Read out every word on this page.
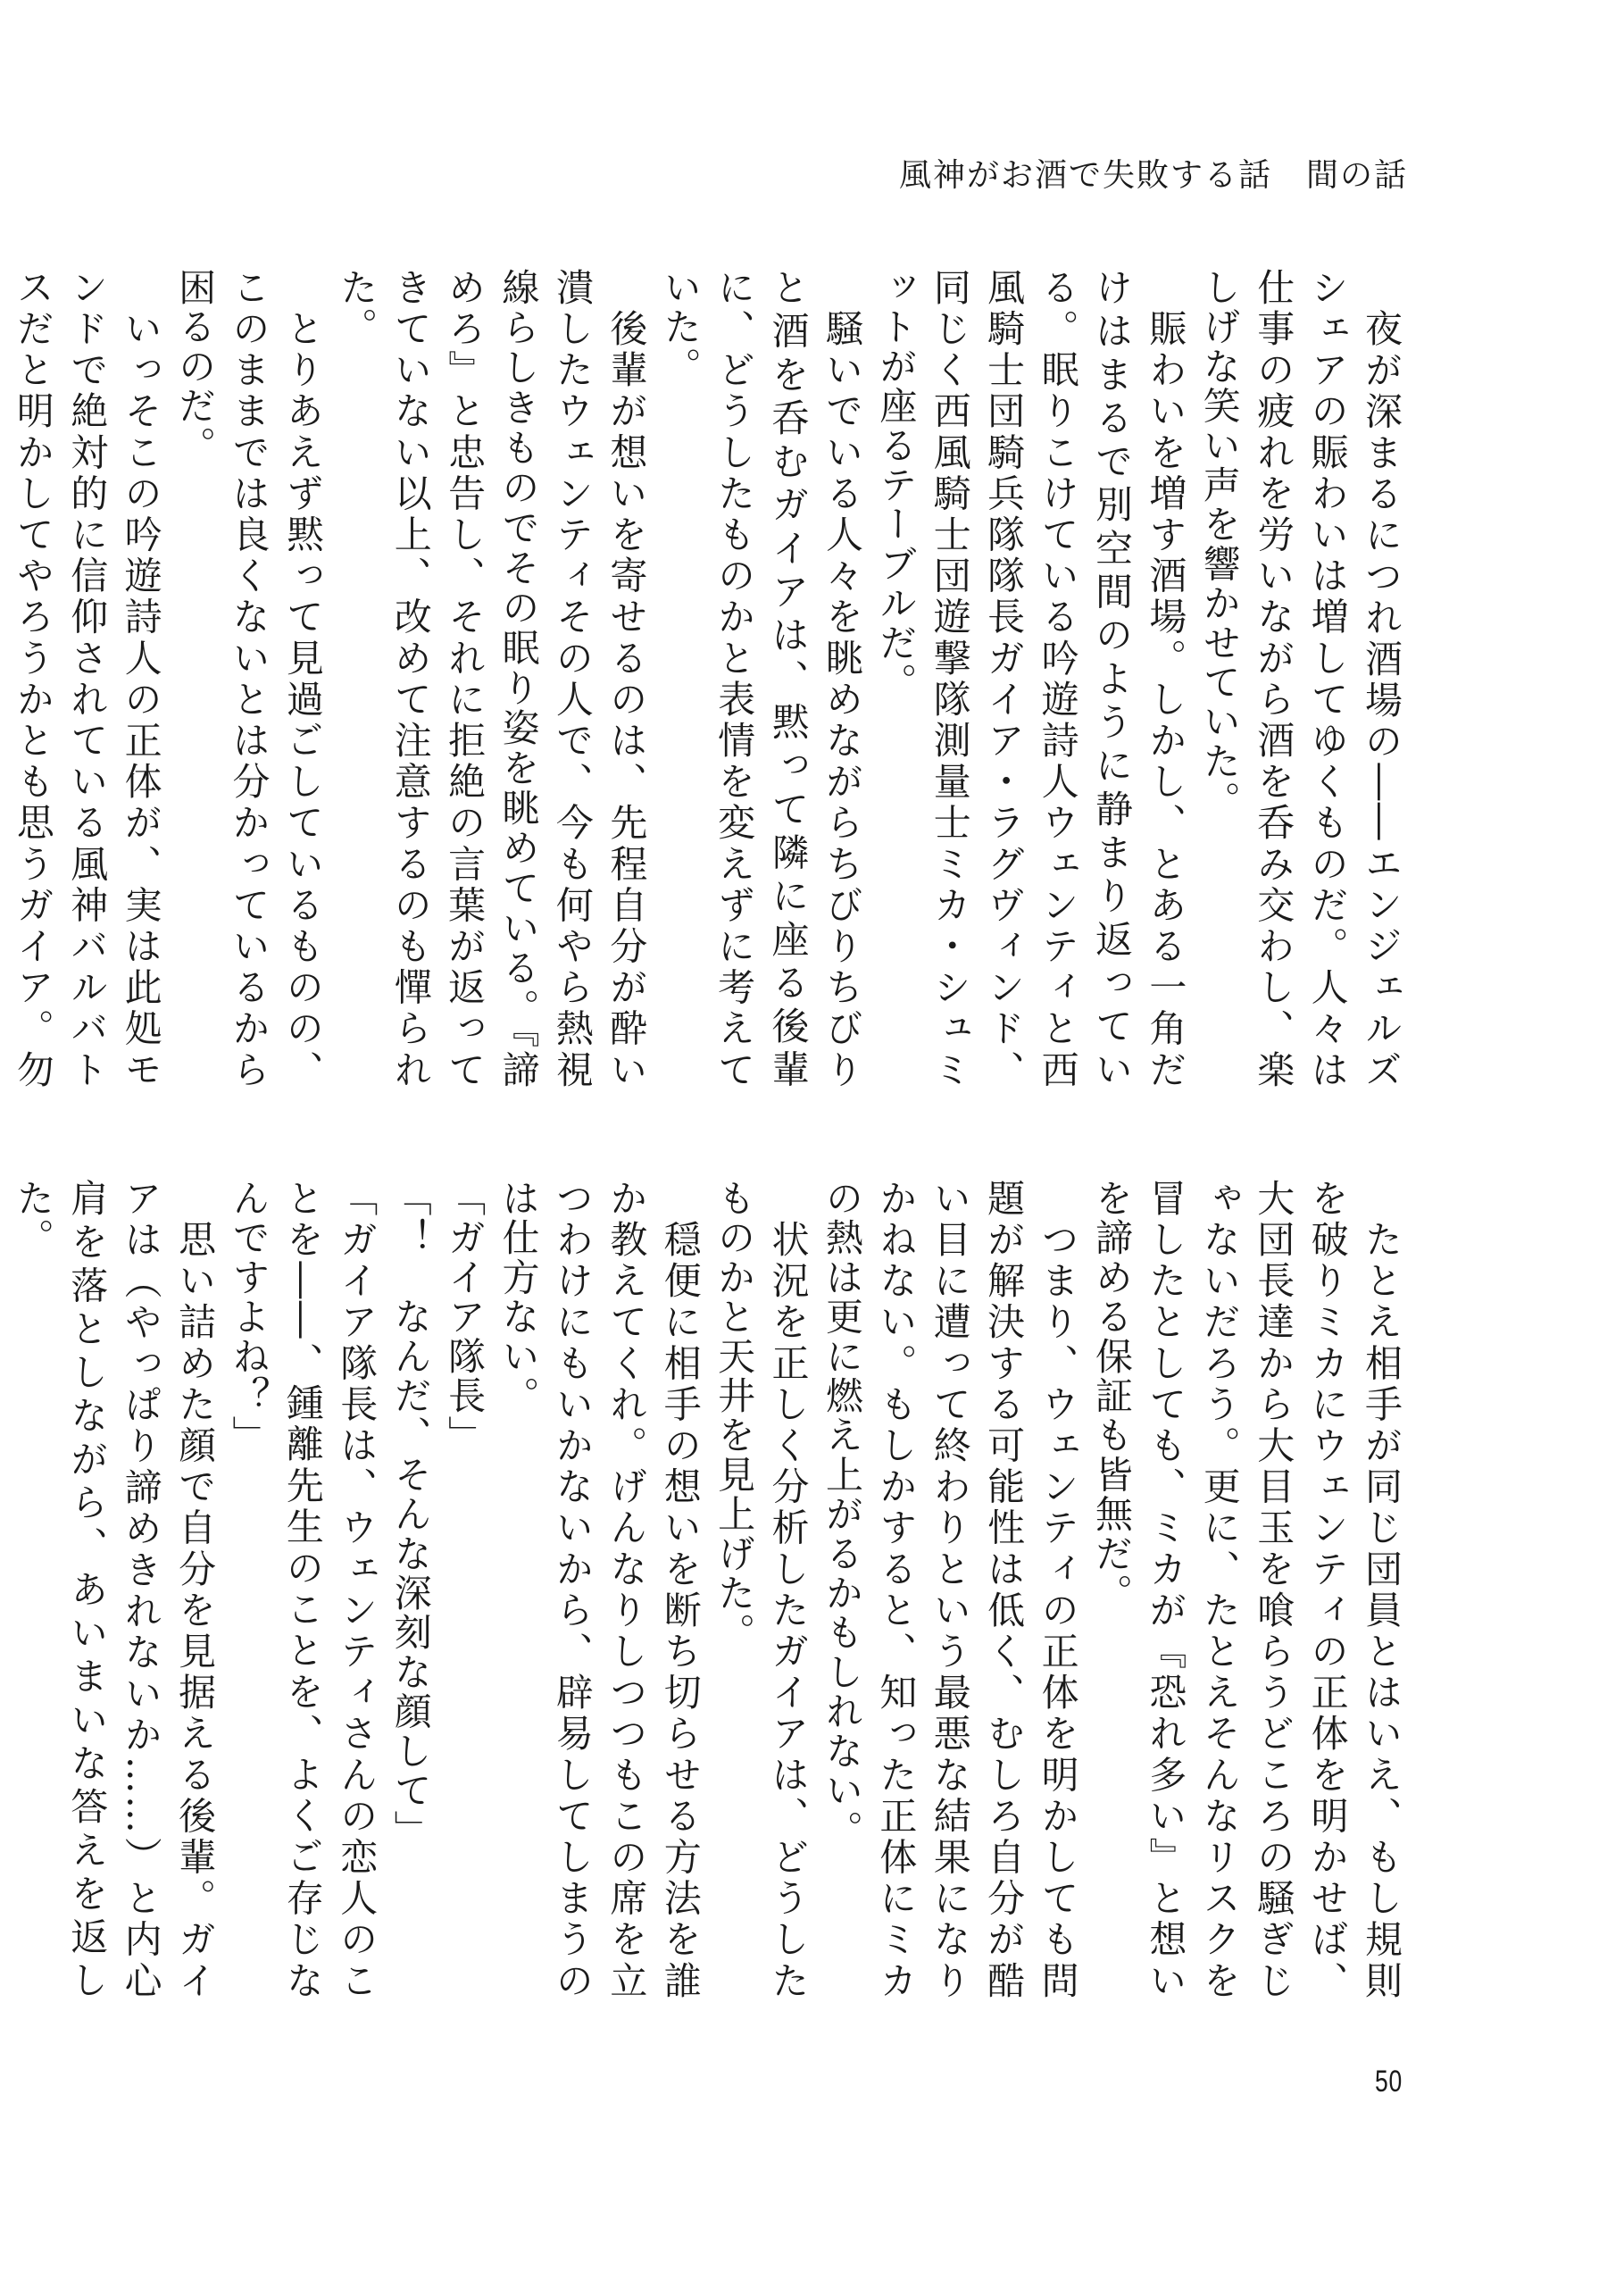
風神がお酒で失敗する話　間の話

　夜が深まるにつれ酒場の――エンジェルズシェアの賑わいは増してゆくものだ。人々は仕事の疲れを労いながら酒を呑み交わし、楽しげな笑い声を響かせていた。

　賑わいを増す酒場。しかし、とある一角だけはまるで別空間のように静まり返っている。眠りこけている吟遊詩人ウェンティと西風騎士団騎兵隊隊長ガイア・ラグヴィンド、同じく西風騎士団遊撃隊測量士ミカ・シュミットが座るテーブルだ。

　騒いでいる人々を眺めながらちびりちびりと酒を呑むガイアは、黙って隣に座る後輩に、どうしたものかと表情を変えずに考えていた。

　後輩が想いを寄せるのは、先程自分が酔い潰したウェンティその人で、今も何やら熱視線らしきものでその眠り姿を眺めている。『諦めろ』と忠告し、それに拒絶の言葉が返ってきていない以上、改めて注意するのも憚られた。

　とりあえず黙って見過ごしているものの、このままでは良くないとは分かっているから困るのだ。

　いっそこの吟遊詩人の正体が、実は此処モンドで絶対的に信仰されている風神バルバトスだと明かしてやろうかとも思うガイア。勿

　たとえ相手が同じ団員とはいえ、もし規則を破りミカにウェンティの正体を明かせば、大団長達から大目玉を喰らうどころの騒ぎじゃないだろう。更に、たとえそんなリスクを冒したとしても、ミカが『恐れ多い』と想いを諦める保証も皆無だ。

　つまり、ウェンティの正体を明かしても問題が解決する可能性は低く、むしろ自分が酷い目に遭って終わりという最悪な結果になりかねない。もしかすると、知った正体にミカの熱は更に燃え上がるかもしれない。

　状況を正しく分析したガイアは、どうしたものかと天井を見上げた。

　穏便に相手の想いを断ち切らせる方法を誰か教えてくれ。げんなりしつつもこの席を立つわけにもいかないから、辟易してしまうのは仕方ない。

「ガイア隊長」

「！　なんだ、そんな深刻な顔して」

「ガイア隊長は、ウェンティさんの恋人のことを――、鍾離先生のことを、よくご存じなんですよね？」

　思い詰めた顔で自分を見据える後輩。ガイアは（やっぱり諦めきれないか……）と内心肩を落としながら、あいまいな答えを返した。

50
